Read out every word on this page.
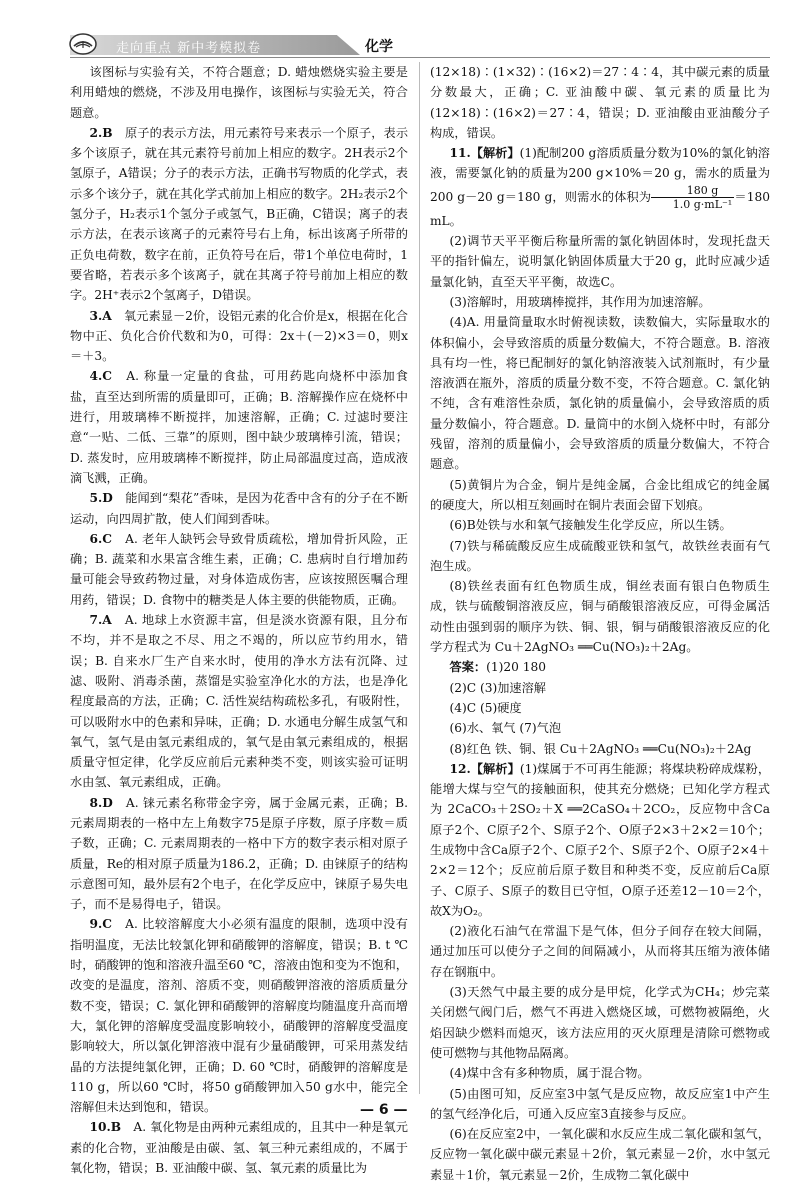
走向重点 新中考模拟卷	化学

该图标与实验有关，不符合题意；D. 蜡烛燃烧实验主要是利用蜡烛的燃烧，不涉及用电操作，该图标与实验无关，符合题意。

2.B　 原子的表示方法，用元素符号来表示一个原子，表示多个该原子，就在其元素符号前加上相应的数字。2H表示2个氢原子，A错误；分子的表示方法，正确书写物质的化学式，表示多个该分子，就在其化学式前加上相应的数字。2H₂表示2个氢分子，H₂表示1个氢分子或氢气，B正确，C错误；离子的表示方法，在表示该离子的元素符号右上角，标出该离子所带的正负电荷数，数字在前，正负符号在后，带1个单位电荷时，1要省略，若表示多个该离子，就在其离子符号前加上相应的数字。2H⁺表示2个氢离子，D错误。

3.A　 氧元素显－2价，设铝元素的化合价是x，根据在化合物中正、负化合价代数和为0，可得：2x＋(－2)×3＝0，则x＝＋3。

4.C　 A. 称量一定量的食盐，可用药匙向烧杯中添加食盐，直至达到所需的质量即可，正确；B. 溶解操作应在烧杯中进行，用玻璃棒不断搅拌，加速溶解，正确；C. 过滤时要注意“一贴、二低、三靠”的原则，图中缺少玻璃棒引流，错误；D. 蒸发时，应用玻璃棒不断搅拌，防止局部温度过高，造成液滴飞溅，正确。

5.D　 能闻到“梨花”香味，是因为花香中含有的分子在不断运动，向四周扩散，使人们闻到香味。

6.C　 A. 老年人缺钙会导致骨质疏松，增加骨折风险，正确；B. 蔬菜和水果富含维生素，正确；C. 患病时自行增加药量可能会导致药物过量，对身体造成伤害，应该按照医嘱合理用药，错误；D. 食物中的糖类是人体主要的供能物质，正确。

7.A　 A. 地球上水资源丰富，但是淡水资源有限，且分布不均，并不是取之不尽、用之不竭的，所以应节约用水，错误；B. 自来水厂生产自来水时，使用的净水方法有沉降、过滤、吸附、消毒杀菌，蒸馏是实验室净化水的方法，也是净化程度最高的方法，正确；C. 活性炭结构疏松多孔，有吸附性，可以吸附水中的色素和异味，正确；D. 水通电分解生成氢气和氧气，氢气是由氢元素组成的，氧气是由氧元素组成的，根据质量守恒定律，化学反应前后元素种类不变，则该实验可证明水由氢、氧元素组成，正确。

8.D　 A. 铼元素名称带金字旁，属于金属元素，正确；B. 元素周期表的一格中左上角数字75是原子序数，原子序数＝质子数，正确；C. 元素周期表的一格中下方的数字表示相对原子质量，Re的相对原子质量为186.2，正确；D. 由铼原子的结构示意图可知，最外层有2个电子，在化学反应中，铼原子易失电子，而不是易得电子，错误。

9.C　 A. 比较溶解度大小必须有温度的限制，选项中没有指明温度，无法比较氯化钾和硝酸钾的溶解度，错误；B. t ℃时，硝酸钾的饱和溶液升温至60 ℃，溶液由饱和变为不饱和，改变的是温度，溶剂、溶质不变，则硝酸钾溶液的溶质质量分数不变，错误；C. 氯化钾和硝酸钾的溶解度均随温度升高而增大，氯化钾的溶解度受温度影响较小，硝酸钾的溶解度受温度影响较大，所以氯化钾溶液中混有少量硝酸钾，可采用蒸发结晶的方法提纯氯化钾，正确；D. 60 ℃时，硝酸钾的溶解度是110 g，所以60 ℃时，将50 g硝酸钾加入50 g水中，能完全溶解但未达到饱和，错误。

10.B　 A. 氧化物是由两种元素组成的，且其中一种是氧元素的化合物，亚油酸是由碳、氢、氧三种元素组成的，不属于氧化物，错误；B. 亚油酸中碳、氢、氧元素的质量比为

(12×18)∶(1×32)∶(16×2)＝27∶4∶4，其中碳元素的质量分数最大，正确；C. 亚油酸中碳、氧元素的质量比为(12×18)∶(16×2)＝27∶4，错误；D. 亚油酸由亚油酸分子构成，错误。

11.【解析】(1)配制200 g溶质质量分数为10%的氯化钠溶液，需要氯化钠的质量为200 g×10%＝20 g，需水的质量为200 g－20 g＝180 g，则需水的体积为 $\frac{180 g}{\text{1.0 g·mL⁻¹}} =180$ mL。

(2)调节天平平衡后称量所需的氯化钠固体时，发现托盘天平的指针偏左，说明氯化钠固体质量大于20 g，此时应减少适量氯化钠，直至天平平衡，故选C。

(3)溶解时，用玻璃棒搅拌，其作用为加速溶解。

(4)A. 用量筒量取水时俯视读数，读数偏大，实际量取水的体积偏小，会导致溶质的质量分数偏大，不符合题意。B. 溶液具有均一性，将已配制好的氯化钠溶液装入试剂瓶时，有少量溶液洒在瓶外，溶质的质量分数不变，不符合题意。C. 氯化钠不纯，含有难溶性杂质，氯化钠的质量偏小，会导致溶质的质量分数偏小，符合题意。D. 量筒中的水倒入烧杯中时，有部分残留，溶剂的质量偏小，会导致溶质的质量分数偏大，不符合题意。

(5)黄铜片为合金，铜片是纯金属，合金比组成它的纯金属的硬度大，所以相互刻画时在铜片表面会留下划痕。

(6)B处铁与水和氧气接触发生化学反应，所以生锈。

(7)铁与稀硫酸反应生成硫酸亚铁和氢气，故铁丝表面有气泡生成。

(8)铁丝表面有红色物质生成，铜丝表面有银白色物质生成，铁与硫酸铜溶液反应，铜与硝酸银溶液反应，可得金属活动性由强到弱的顺序为铁、铜、银，铜与硝酸银溶液反应的化学方程式为 Cu＋2AgNO₃ ══Cu(NO₃)₂＋2Ag。

答案：(1)20 180

(2)C (3)加速溶解

(4)C (5)硬度

(6)水、氧气 (7)气泡

(8)红色 铁、铜、银 Cu＋2AgNO₃ ══Cu(NO₃)₂＋2Ag

12.【解析】(1)煤属于不可再生能源；将煤块粉碎成煤粉，能增大煤与空气的接触面积，使其充分燃烧；已知化学方程式为 2CaCO₃＋2SO₂＋X ══2CaSO₄＋2CO₂，反应物中含Ca原子2个、C原子2个、S原子2个、O原子2×3＋2×2＝10个；生成物中含Ca原子2个、C原子2个、S原子2个、O原子2×4＋2×2＝12个；反应前后原子数目和种类不变，反应前后Ca原子、C原子、S原子的数目已守恒，O原子还差12－10＝2个，故X为O₂。

(2)液化石油气在常温下是气体，但分子间存在较大间隔，通过加压可以使分子之间的间隔减小，从而将其压缩为液体储存在钢瓶中。

(3)天然气中最主要的成分是甲烷，化学式为CH₄；炒完菜关闭燃气阀门后，燃气不再进入燃烧区域，可燃物被隔绝，火焰因缺少燃料而熄灭，该方法应用的灭火原理是清除可燃物或使可燃物与其他物品隔离。

(4)煤中含有多种物质，属于混合物。

(5)由图可知，反应室3中氢气是反应物，故反应室1中产生的氢气经净化后，可通入反应室3直接参与反应。

(6)在反应室2中，一氧化碳和水反应生成二氧化碳和氢气，反应物一氧化碳中碳元素显＋2价，氧元素显－2价，水中氢元素显＋1价，氧元素显－2价，生成物二氧化碳中

— 6 —
